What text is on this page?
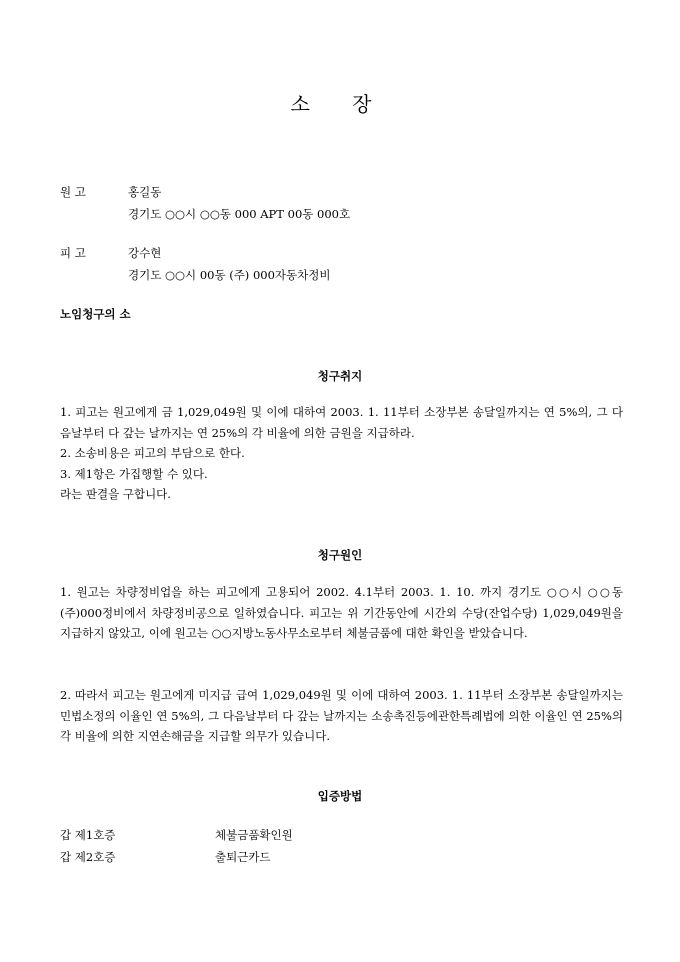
소 장
원 고	홍길동
경기도 ○○시 ○○동 000 APT 00동 000호
피 고	강수현
경기도 ○○시 00동 (주) 000자동차정비
노임청구의 소
청구취지

1. 피고는 원고에게 금 1,029,049원 및 이에 대하여 2003. 1. 11부터 소장부본 송달일까지는 연 5%의, 그 다음날부터 다 갚는 날까지는 연 25%의 각 비율에 의한 금원을 지급하라.

2. 소송비용은 피고의 부담으로 한다.

3. 제1항은 가집행할 수 있다.

라는 판결을 구합니다.

청구원인
1. 원고는 차량정비업을 하는 피고에게 고용되어 2002. 4.1부터 2003. 1. 10. 까지 경기도 ○○시 ○○동 (주)000정비에서 차량정비공으로 일하였습니다. 피고는 위 기간동안에 시간외 수당(잔업수당) 1,029,049원을 지급하지 않았고, 이에 원고는 ○○지방노동사무소로부터 체불금품에 대한 확인을 받았습니다.
2. 따라서 피고는 원고에게 미지급 급여 1,029,049원 및 이에 대하여 2003. 1. 11부터 소장부본 송달일까지는 민법소정의 이율인 연 5%의, 그 다음날부터 다 갚는 날까지는 소송촉진등에관한특례법에 의한 이율인 연 25%의 각 비율에 의한 지연손해금을 지급할 의무가 있습니다.
입증방법
갑 제1호증	체불금품확인원
갑 제2호증	출퇴근카드
